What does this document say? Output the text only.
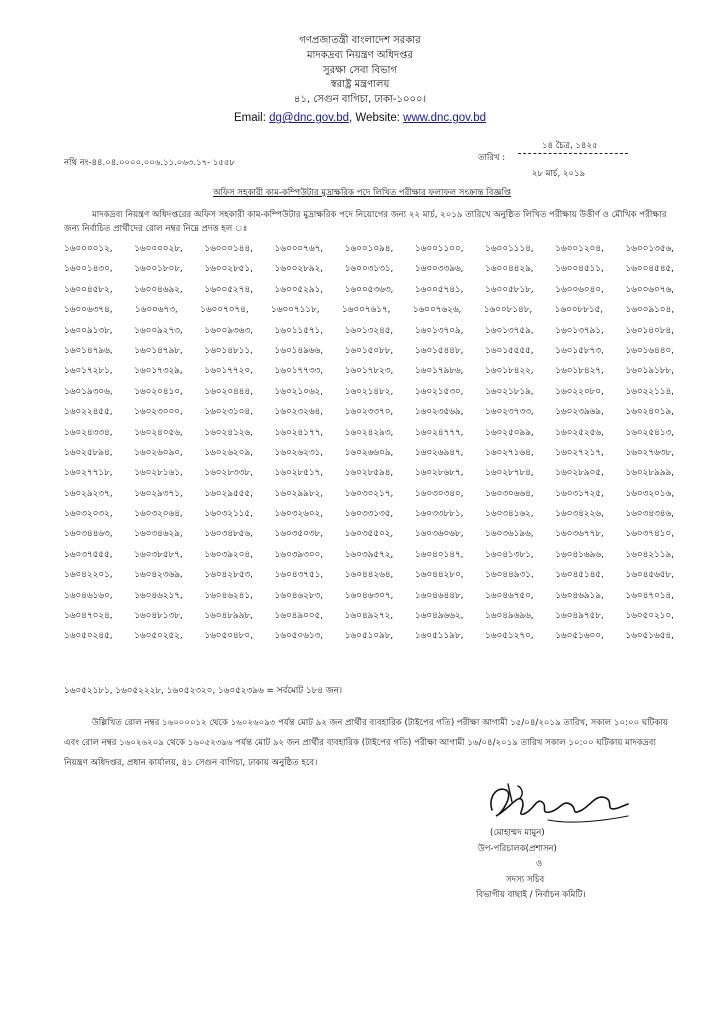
গণপ্রজাতন্ত্রী বাংলাদেশ সরকার
মাদকদ্রব্য নিয়ন্ত্রণ অধিদপ্তর
সুরক্ষা সেবা বিভাগ
স্বরাষ্ট্র মন্ত্রণালয়
৪১, সেগুন বাগিচা, ঢাকা-১০০০।
Email: dg@dnc.gov.bd, Website: www.dnc.gov.bd
১৪ চৈত্র, ১৪২৫
তারিখ :
২৮ মার্চ, ২০১৯
নথি নং-৪৪.০৪.০০০০.০০৬.১১.০৬৩.১৭- ১৫৫৮
অফিস সহকারী কাম-কম্পিউটার মুদ্রাক্ষরিক পদে লিখিত পরীক্ষার ফলাফল সংক্রান্ত বিজ্ঞপ্তি
মাদকদ্রব্য নিয়ন্ত্রণ অধিদপ্তরের অফিস সহকারী কাম-কম্পিউটার মুদ্রাক্ষরিক পদে নিয়োগের জন্য ২২ মার্চ, ২০১৯ তারিখে অনুষ্ঠিত লিখিত পরীক্ষায় উত্তীর্ণ ও মৌখিক পরীক্ষার জন্য নির্বাচিত প্রার্থীদের রোল নম্বর নিম্নে প্রদত্ত হল ঃ
১৬০০০০১২, ১৬০০০০২৮, ১৬০০০১৪৪, ১৬০০০৭৬৭, ১৬০০১০৯৪, ১৬০০১১০০, ১৬০০১১১৪, ১৬০০১২০৪, ১৬০০১৩৫৬,
১৬০০১৪৩০, ১৬০০১৮০৮, ১৬০০২৮৫১, ১৬০০২৮৯২, ১৬০০৩১৩১, ১৬০০৩৩৯৬, ১৬০০৪৪২৯, ১৬০০৪৫১১, ১৬০০৪৫৪৫,
১৬০০৪৫৮২, ১৬০০৪৬৯২, ১৬০০৫২৭৪, ১৬০০৫২৯১, ১৬০০৫৩৬৩, ১৬০০৫৭৪১, ১৬০০৫৮১৮, ১৬০০৬০৪০, ১৬০০৬০৭৬,
১৬০০৬৩৭৪,	১৬০০৬৭৩,	১৬০০৭০৭৪,	১৬০০৭১১৮,	১৬০০৭৬১৭,	১৬০০৭৬২৬,	১৬০০৮১৪৮,	১৬০০৮৮১৫,	১৬০০৯১০৪,
১৬০০৯১৩৮, ১৬০০৯২৭৩, ১৬০০৯৩৬৩, ১৬০১১৫৭১, ১৬০১৩২৪৫, ১৬০১৩৭০৯, ১৬০১৩৭৫৯, ১৬০১৩৭৯১, ১৬০১৪০৮৪,
১৬০১৪৭৯৬, ১৬০১৪৭৯৮, ১৬০১৪৮১১, ১৬০১৪৯৬৬, ১৬০১৫০৮৮, ১৬০১৫৪৪৮, ১৬০১৫৫৫৫, ১৬০১৫৮৭৩, ১৬০১৬৪৪০,
১৬০১৭২৮১, ১৬০১৭৩২৯, ১৬০১৭৭২০, ১৬০১৭৭৩৩, ১৬০১৭৮২৩, ১৬০১৭৯৮৬, ১৬০১৮৪২২, ১৬০১৮৪২৭, ১৬০১৯১৮৮,
১৬০১৯৩০৬, ১৬০২০৪১০, ১৬০২০৪৪৪, ১৬০২১০৬২, ১৬০২১৪৮২, ১৬০২১৫৩০, ১৬০২১৮১৯, ১৬০২২০৮০, ১৬০২২১১৪,
১৬০২২৪৫৫, ১৬০২৩০০০, ১৬০২৩১০৪, ১৬০২৩২৬৪, ১৬০২৩৩৭০, ১৬০২৩৫৬৯, ১৬০২৩৭৩৩, ১৬০২৩৯৬৯, ১৬০২৪০১৯,
১৬০২৪৩৩৪, ১৬০২৪০৫৬, ১৬০২৪১২৬, ১৬০২৪১৭৭, ১৬০২৪২৯৩, ১৬০২৪৭৭৭, ১৬০২৫০৯৯, ১৬০২৫২৫৬, ১৬০২৫৪১৩,
১৬০২৫৮৯৪, ১৬০২৬০৯০, ১৬০২৬২০৯, ১৬০২৬২৩১, ১৬০২৬৬০৯, ১৬০২৬৯৪৭, ১৬০২৭১৬৪, ১৬০২৭২১৭, ১৬০২৭৬৩৮,
১৬০২৭৭১৮, ১৬০২৮১৬১, ১৬০২৮৩৩৮, ১৬০২৮৫১৭, ১৬০২৮৫৯৪, ১৬০২৮৬৮৭, ১৬০২৮৭৮৪, ১৬০২৮৯০৫, ১৬০২৮৯৯৯,
১৬০২৯২৩৭, ১৬০২৯৩৭১, ১৬০২৯৫৫৫, ১৬০২৯৯৮২, ১৬০৩০২১৭, ১৬০৩০৩৪০, ১৬০৩০৬৬৪, ১৬০৩১৭২৫, ১৬০৩২০১৬,
১৬০৩২০৩২, ১৬০৩২০৬৪, ১৬০৩২১১৫, ১৬০৩২৬০২, ১৬০৩৩১৩৫, ১৬০৩৩৮৮১, ১৬০৩৪১৬২, ১৬০৩৪২২৬, ১৬০৩৪৩৪৬,
১৬০৩৪৪৬৩, ১৬০৩৪৬২৯, ১৬০৩৪৮৫৬, ১৬০৩৫০৩৮, ১৬০৩৫৫০২, ১৬০৩৬০৬৮, ১৬০৩৬১৯৬, ১৬০৩৬৭৭৮, ১৬০৩৭৪১০,
১৬০৩৭৫৫৫, ১৬০৩৮৫৮৭, ১৬০৩৯২০৪, ১৬০৩৯৩০০, ১৬০৩৯৫৭২, ১৬০৪০১৪৭, ১৬০৪১৩৮১, ১৬০৪১৬৯৬, ১৬০৪২১১৯,
১৬০৪২২০১, ১৬০৪২৩৬৯, ১৬০৪২৮৫৩, ১৬০৪৩৭৫১, ১৬০৪৪২৬৪, ১৬০৪৪২৮০, ১৬০৪৪৯৩১, ১৬০৪৫১৪৫, ১৬০৪৫৬৫৮,
১৬০৪৬১৬০, ১৬০৪৬২১৭, ১৬০৪৬২৪১, ১৬০৪৬২৮৩, ১৬০৪৬৩০৭, ১৬০৪৬৪৪৮, ১৬০৪৬৭৫০, ১৬০৪৬৯১৯, ১৬০৪৭০১৪,
১৬০৪৭০২৪, ১৬০৪৮১৩৮, ১৬০৪৮৯৯৮, ১৬০৪৯০০৫, ১৬০৪৯২৭২, ১৬০৪৯৬৬২, ১৬০৪৯৬৯৬, ১৬০৪৯৭৫৮, ১৬০৫০২১০,
১৬০৫০২৪৫, ১৬০৫০২৫২, ১৬০৫০৪৮০, ১৬০৫০৬১৩, ১৬০৫১০৯৮, ১৬০৫১১৯৮, ১৬০৫১২৭০, ১৬০৫১৬০০, ১৬০৫১৬৫৪,
১৬০৫২১৮১, ১৬০৫২২২৮, ১৬০৫২৩২০, ১৬০৫২৩৯৬ = সর্বমোট ১৮৪ জন।
উল্লিখিত রোল নম্বর ১৬০০০০১২ থেকে ১৬০২৬০৯৩ পর্যন্ত মোট ৯২ জন প্রার্থীর ব্যবহারিক (টাইপের গতি) পরীক্ষা আগামী ১৫/০৪/২০১৯ তারিখ, সকাল ১০:০০ ঘটিকায় এবং রোল নম্বর ১৬০২৬২০৯ থেকে ১৬০৫২৩৯৬ পর্যন্ত মোট ৯২ জন প্রার্থীর ব্যবহারিক (টাইপের গতি) পরীক্ষা আগামী ১৬/০৪/২০১৯ তারিখ সকাল ১০:০০ ঘটিকায় মাদকদ্রব্য নিয়ন্ত্রণ অধিদপ্তর, প্রধান কার্যালয়, ৪১ সেগুন বাগিচা, ঢাকায় অনুষ্ঠিত হবে।
(মোহাম্মদ মামুন)
উপ-পরিচালক(প্রশাসন)
ও
সদস্য সচিব
বিভাগীয় বাছাই / নির্বাচন কমিটি।
